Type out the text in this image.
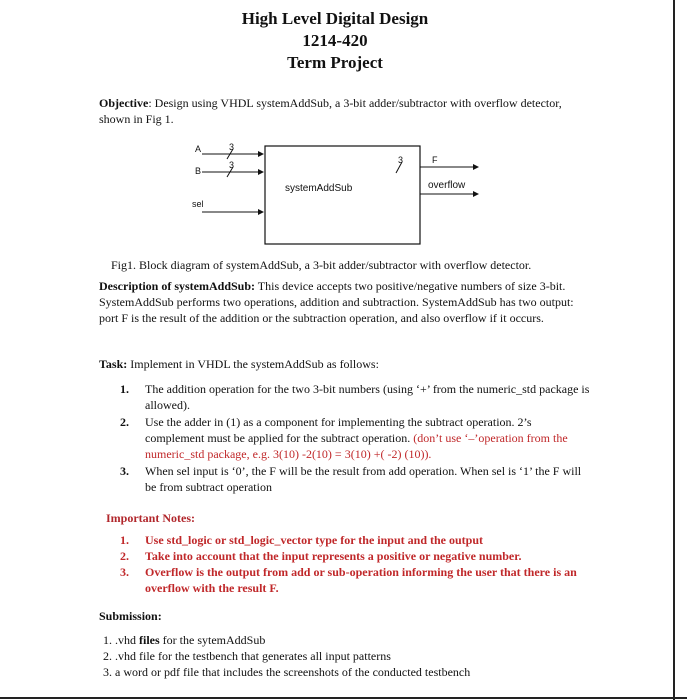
High Level Digital Design
1214-420
Term Project
Objective: Design using VHDL systemAddSub, a 3-bit adder/subtractor with overflow detector, shown in Fig 1.
systemAddSub
A	3
B
3
sel
3	F
overflow
Fig1. Block diagram of systemAddSub, a 3-bit adder/subtractor with overflow detector.
Description of systemAddSub: This device accepts two positive/negative numbers of size 3-bit. SystemAddSub performs two operations, addition and subtraction. SystemAddSub has two output: port F is the result of the addition or the subtraction operation, and also overflow if it occurs.
Task: Implement in VHDL the systemAddSub as follows:
1. The addition operation for the two 3-bit numbers (using ‘+’ from the numeric_std package is allowed).
2. Use the adder in (1) as a component for implementing the subtract operation. 2’s complement must be applied for the subtract operation. (don’t use ‘–’operation from the numeric_std package, e.g. 3(10) -2(10) = 3(10) +( -2) (10)).
3. When sel input is ‘0’, the F will be the result from add operation. When sel is ‘1’ the F will be from subtract operation
Important Notes:
1. Use std_logic or std_logic_vector type for the input and the output
2. Take into account that the input represents a positive or negative number.
3. Overflow is the output from add or sub-operation informing the user that there is an overflow with the result F.
Submission:
1. .vhd files for the sytemAddSub
2. .vhd file for the testbench that generates all input patterns
3. a word or pdf file that includes the screenshots of the conducted testbench
